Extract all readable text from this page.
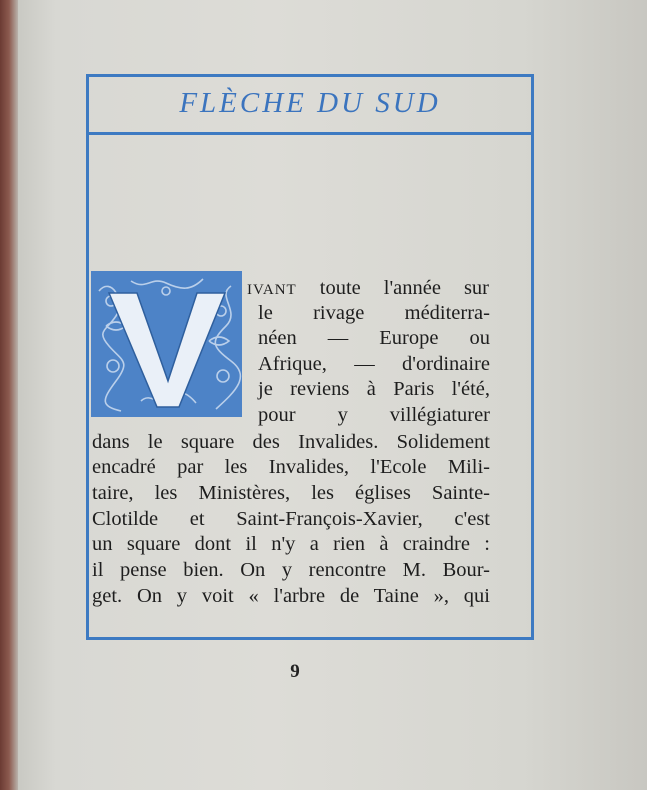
FLÈCHE DU SUD
V
IVANT toute l'année sur
le rivage méditerra-
néen — Europe ou
Afrique, — d'ordinaire
je reviens à Paris l'été,
pour y villégiaturer
dans le square des Invalides. Solidement
encadré par les Invalides, l'Ecole Mili-
taire, les Ministères, les églises Sainte-
Clotilde et Saint-François-Xavier, c'est
un square dont il n'y a rien à craindre :
il pense bien. On y rencontre M. Bour-
get. On y voit « l'arbre de Taine », qui
9
